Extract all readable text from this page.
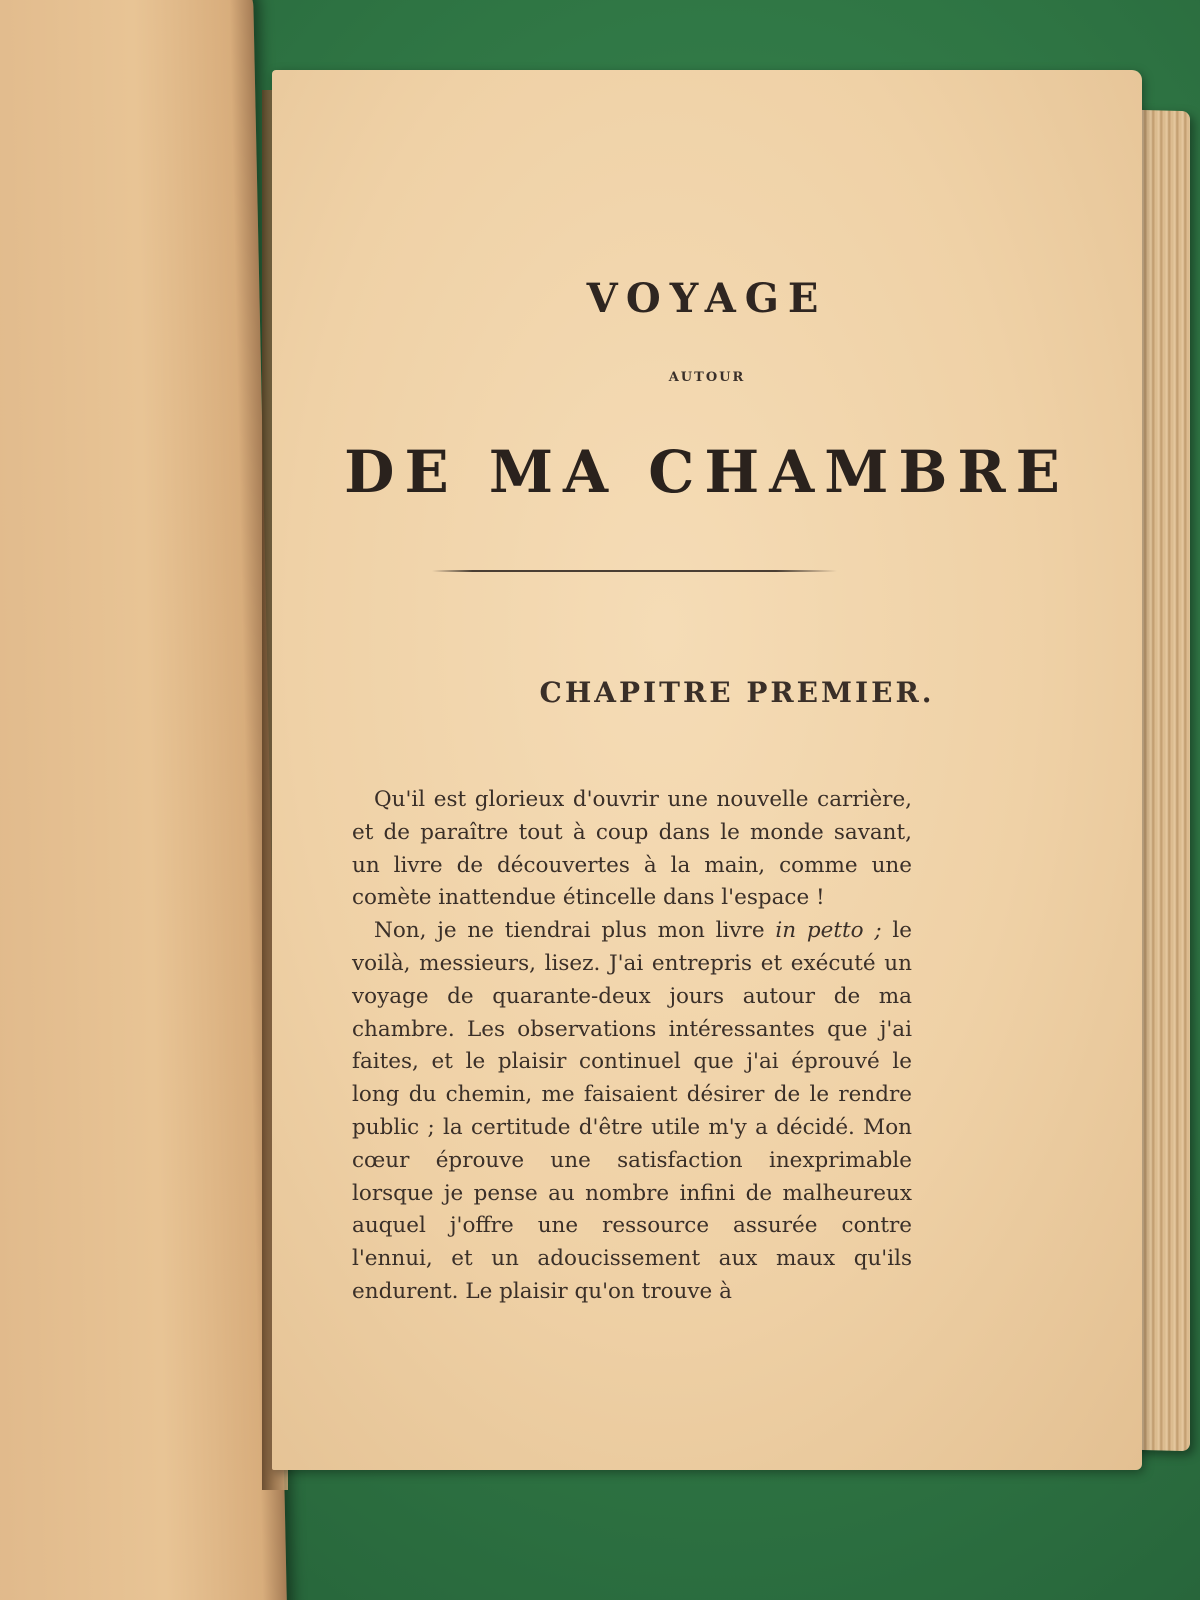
VOYAGE
AUTOUR
DE MA CHAMBRE
CHAPITRE PREMIER.

Qu'il est glorieux d'ouvrir une nouvelle carrière, et de paraître tout à coup dans le monde savant, un livre de découvertes à la main, comme une comète inattendue étincelle dans l'espace !

Non, je ne tiendrai plus mon livre in petto ; le voilà, messieurs, lisez. J'ai entrepris et exécuté un voyage de quarante-deux jours autour de ma chambre. Les observations intéressantes que j'ai faites, et le plaisir continuel que j'ai éprouvé le long du chemin, me faisaient désirer de le rendre public ; la certitude d'être utile m'y a décidé. Mon cœur éprouve une satisfaction inexprimable lorsque je pense au nombre infini de malheureux auquel j'offre une ressource assurée contre l'ennui, et un adoucissement aux maux qu'ils endurent. Le plaisir qu'on trouve à
